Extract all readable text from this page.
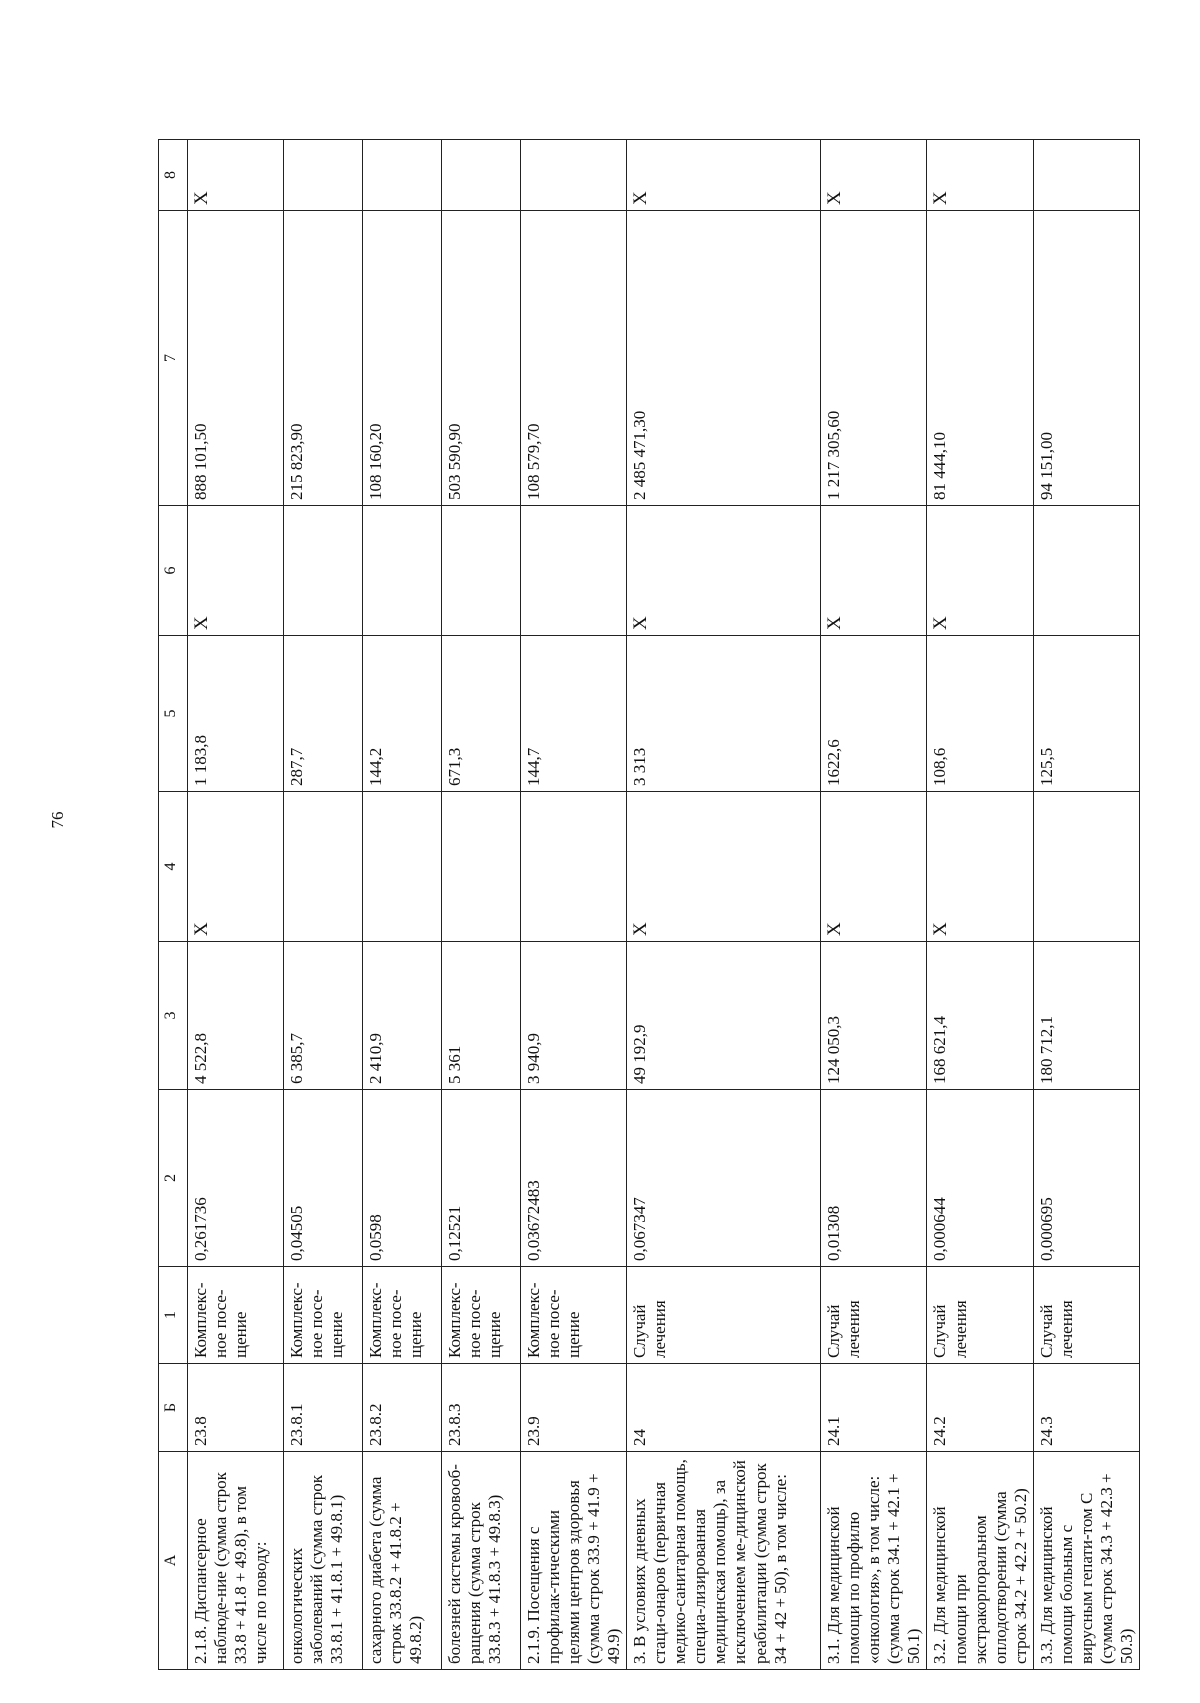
76
А	Б	1	2	3	4	5	6	7	8
2.1.8. Диспансерное наблюде-ние (сумма строк 33.8 + 41.8 + 49.8), в том числе по поводу:	23.8	Комплекс-ное посе-щение	0,261736	4 522,8	X	1 183,8	X	888 101,50	X
онкологических заболеваний (сумма строк 33.8.1 + 41.8.1 + 49.8.1)	23.8.1	Комплекс-ное посе-щение	0,04505	6 385,7		287,7		215 823,90	
сахарного диабета (сумма строк 33.8.2 + 41.8.2 + 49.8.2)	23.8.2	Комплекс-ное посе-щение	0,0598	2 410,9		144,2		108 160,20	
болезней системы кровооб-ращения (сумма строк 33.8.3 + 41.8.3 + 49.8.3)	23.8.3	Комплекс-ное посе-щение	0,12521	5 361		671,3		503 590,90	
2.1.9. Посещения с профилак-тическими целями центров здоровья (сумма строк 33.9 + 41.9 + 49.9)	23.9	Комплекс-ное посе-щение	0,03672483	3 940,9		144,7		108 579,70	
3. В условиях дневных стаци-онаров (первичная медико-санитарная помощь, специа-лизированная медицинская помощь), за исключением ме-дицинской реабилитации (сумма строк 34 + 42 + 50), в том числе:	24	Случай лечения	0,067347	49 192,9	X	3 313	X	2 485 471,30	X
3.1. Для медицинской помощи по профилю «онкология», в том числе: (сумма строк 34.1 + 42.1 + 50.1)	24.1	Случай лечения	0,01308	124 050,3	X	1622,6	X	1 217 305,60	X
3.2. Для медицинской помощи при экстракорпоральном оплодотворении (сумма строк 34.2 + 42.2 + 50.2)	24.2	Случай лечения	0,000644	168 621,4	X	108,6	X	81 444,10	X
3.3. Для медицинской помощи больным с вирусным гепати-том С (сумма строк 34.3 + 42.3 + 50.3)	24.3	Случай лечения	0,000695	180 712,1		125,5		94 151,00	
